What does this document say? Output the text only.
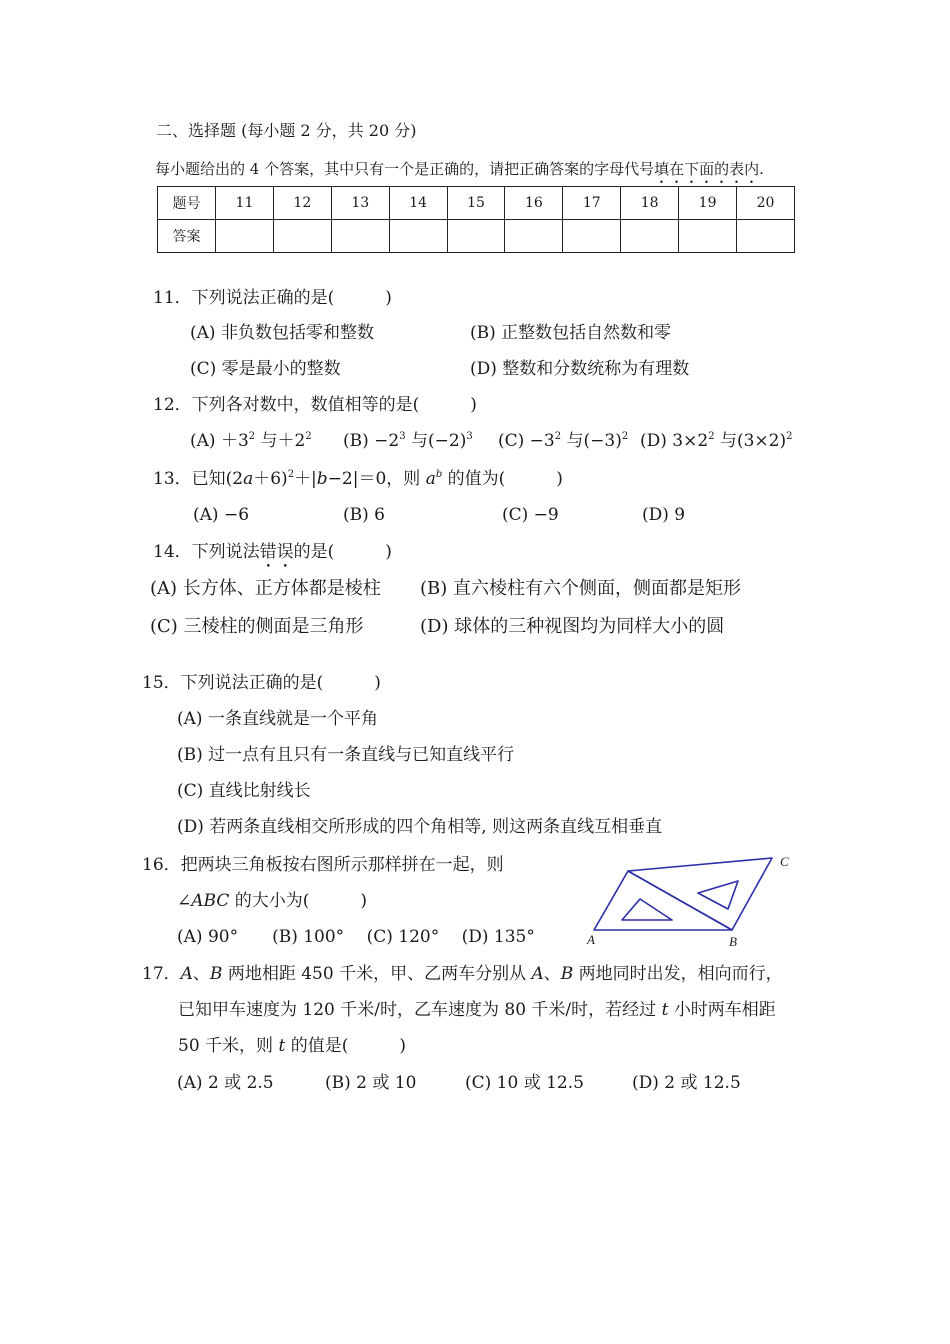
二、选择题 (每小题 2 分，共 20 分)
每小题给出的 4 个答案，其中只有一个是正确的，请把正确答案的字母代号填在下面的表内.
题号	11	12	13	14	15	16	17	18	19	20
答案										
11．下列说法正确的是(　　　)
(A) 非负数包括零和整数	(B) 正整数包括自然数和零
(C) 零是最小的整数	(D) 整数和分数统称为有理数
12．下列各对数中，数值相等的是(　　　)
$(A) +3^2$ 与$+2^2$ $(B) -2^3$ 与$(-2)^3$ $(C) -3^2$ 与$(-3)^2$ (D) $3\times 2^2$ 与$(3\times 2)^2$
13．已知$(2a+6)^2+|b-2|=0$，则 $a^b$ 的值为(　　　)
(A) −6	(B) 6	(C) −9	(D) 9
14．下列说法错误的是(　　　)
(A) 长方体、正方体都是棱柱 (B) 直六棱柱有六个侧面，侧面都是矩形
(C) 三棱柱的侧面是三角形	(D) 球体的三种视图均为同样大小的圆
15．下列说法正确的是(　　　)
(A) 一条直线就是一个平角
(B) 过一点有且只有一条直线与已知直线平行
(C) 直线比射线长
(D) 若两条直线相交所形成的四个角相等, 则这两条直线互相垂直
16．把两块三角板按右图所示那样拼在一起，则
∠ABC 的大小为(　　　)
(A) 90°　　(B) 100°　 (C) 120°　 (D) 135°	A	B
C
17．A、B 两地相距 450 千米，甲、乙两车分别从 A、B 两地同时出发，相向而行，
已知甲车速度为 120 千米/时，乙车速度为 80 千米/时，若经过 t 小时两车相距
50 千米，则 t 的值是(　　　)
(A) 2 或 2.5	(B) 2 或 10	(C) 10 或 12.5	(D) 2 或 12.5
